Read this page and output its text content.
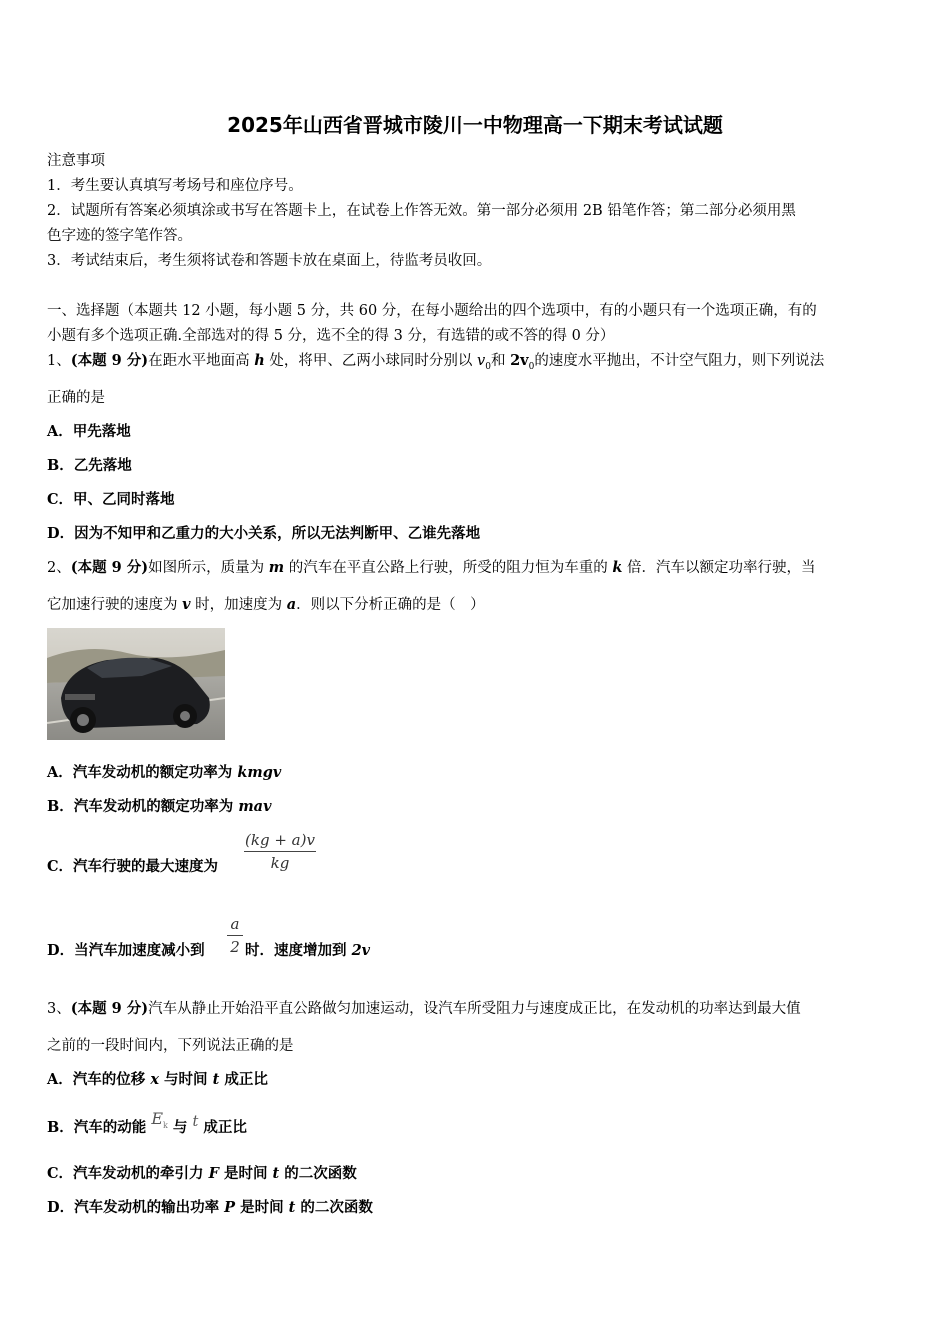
2025年山西省晋城市陵川一中物理高一下期末考试试题
注意事项
1．考生要认真填写考场号和座位序号。
2．试题所有答案必须填涂或书写在答题卡上，在试卷上作答无效。第一部分必须用 2B 铅笔作答；第二部分必须用黑
色字迹的签字笔作答。
3．考试结束后，考生须将试卷和答题卡放在桌面上，待监考员收回。
一、选择题（本题共 12 小题，每小题 5 分，共 60 分，在每小题给出的四个选项中，有的小题只有一个选项正确，有的
小题有多个选项正确.全部选对的得 5 分，选不全的得 3 分，有选错的或不答的得 0 分）
1、(本题 9 分)在距水平地面高 h 处，将甲、乙两小球同时分别以 $v_0$和 $2v_0$的速度水平抛出，不计空气阻力，则下列说法
正确的是
A．甲先落地
B．乙先落地
C．甲、乙同时落地
D．因为不知甲和乙重力的大小关系，所以无法判断甲、乙谁先落地
2、(本题 9 分)如图所示，质量为 m 的汽车在平直公路上行驶，所受的阻力恒为车重的 k 倍．汽车以额定功率行驶，当
它加速行驶的速度为 v 时，加速度为 a．则以下分析正确的是（　）
A．汽车发动机的额定功率为 kmgv
B．汽车发动机的额定功率为 mav
C．汽车行驶的最大速度为
(kg + a)v
kg
D．当汽车加速度减小到
a
2 时．速度增加到 2v
3、(本题 9 分)汽车从静止开始沿平直公路做匀加速运动，设汽车所受阻力与速度成正比，在发动机的功率达到最大值
之前的一段时间内，下列说法正确的是
A．汽车的位移 x 与时间 t 成正比
B．汽车的动能 $E_k$ 与 t 成正比
C．汽车发动机的牵引力 F 是时间 t 的二次函数
D．汽车发动机的输出功率 P 是时间 t 的二次函数
